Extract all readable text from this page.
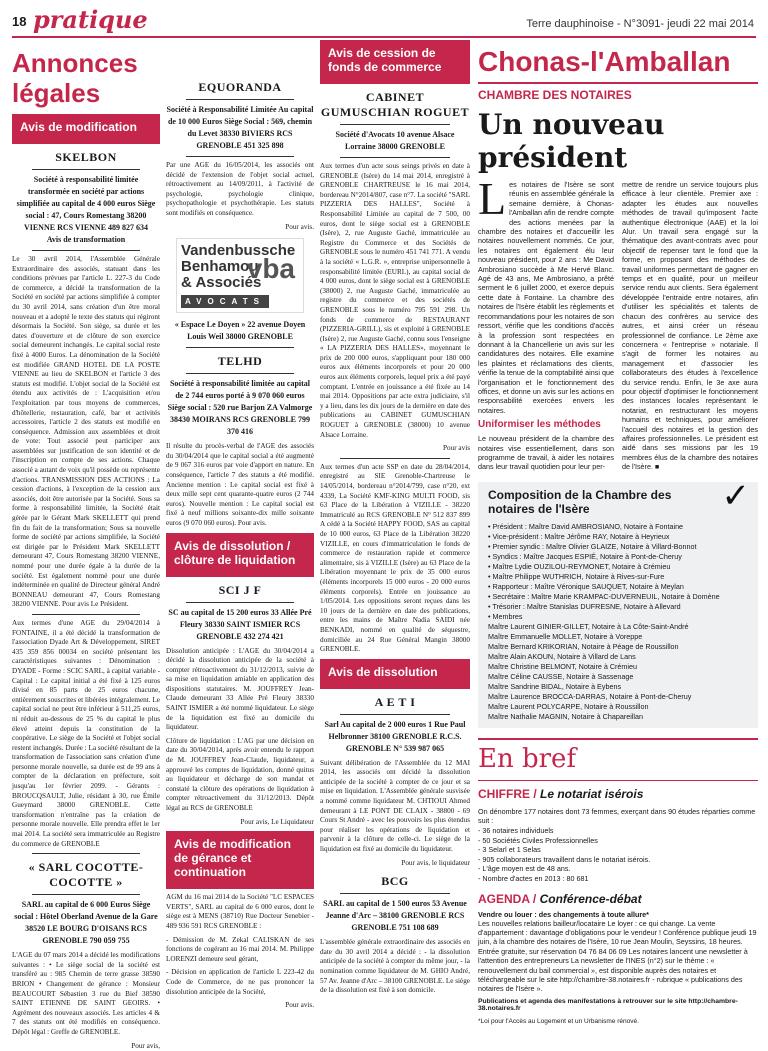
18 pratique	Terre dauphinoise - N°3091- jeudi 22 mai 2014
Annonces légales
Avis de modification
SKELBON
Société à responsabilité limitée transformée en société par actions simplifiée au capital de 4 000 euros Siège social : 47, Cours Romestang 38200 VIENNE RCS VIENNE 489 827 634
Avis de transformation
Le 30 avril 2014, l'Assemblée Générale Extraordinaire des associés, statuant dans les conditions prévues par l'article L. 227-3 du Code de commerce, a décidé la transformation de la Société en société par actions simplifiée à compter du 30 avril 2014, sans création d'un être moral nouveau et a adopté le texte des statuts qui régiront désormais la Société. Son siège, sa durée et les dates d'ouverture et de clôture de son exercice social demeurent inchangés. Le capital social reste fixé à 4000 Euros. La dénomination de la Société est modifiée GRAND HOTEL DE LA POSTE VIENNE au lieu de SKELBON et l'article 3 des statuts est modifié. L'objet social de la Société est étendu aux activités de : L'acquisition et/ou l'exploitation par tous moyens de commerces, d'hôtellerie, restauration, café, bar et activités accessoires, l'article 2 des statuts est modifié en conséquence. Admission aux assemblées et droit de vote: Tout associé peut participer aux assemblées sur justification de son identité et de l'inscription en compte de ses actions. Chaque associé a autant de voix qu'il possède ou représente d'actions. TRANSMISSION DES ACTIONS : La cession d'actions, à l'exception de la cession aux associés, doit être autorisée par la Société. Sous sa forme à responsabilité limitée, la Société était gérée par le Gérant Mark SKELLETT qui prend fin du fait de la transformation; Sous sa nouvelle forme de société par actions simplifiée, la Société est dirigée par le Président Mark SKELLETT demeurant 47, Cours Romestang 38200 VIENNE, nommé pour une durée égale à la durée de la société. Est également nommé pour une durée indéterminée en qualité de Directeur général André BONNEAU demeurant 47, Cours Romestang 38200 VIENNE. Pour avis Le Président.
Aux termes d'une AGE du 29/04/2014 à FONTAINE, il a été décidé la transformation de l'association Dyade Art & Développement, SIRET 435 359 856 00034 en société présentant les caractéristiques suivantes : Dénomination : DYADE - Forme : SCIC SARL, à capital variable - Capital : Le capital initial a été fixé à 125 euros divisé en 85 parts de 25 euros chacune, entièrement souscrites et libérées intégralement. Le capital social ne peut être inférieur à 511,25 euros, ni réduit au-dessous de 25 % du capital le plus élevé atteint depuis la constitution de la coopérative. Le siège de la Société et l'objet social restent inchangés. Durée : La société résultant de la transformation de l'association sans création d'une personne morale nouvelle, sa durée est de 99 ans à compter de la déclaration en préfecture, soit jusqu'au 1er février 2099. - Gérants : BROUCQSAULT, Julie, résidant à 30, rue Émile Gueymard 38000 GRENOBLE. Cette transformation n'entraîne pas la création de personne morale nouvelle. Elle prendra effet le 1er mai 2014. La société sera immatriculée au Registre du commerce de GRENOBLE
« SARL COCOTTE-COCOTTE »
SARL au capital de 6 000 Euros Siège social : Hôtel Oberland Avenue de la Gare 38520 LE BOURG D'OISANS RCS GRENOBLE 790 059 755
L'AGE du 07 mars 2014 a décidé les modifications suivantes : • Le siège social de la société est transféré au : 985 Chemin de terre grasse 38590 BRION • Changement de gérance : Monsieur BEAUCOURT Sébastien 3 rue du Bief 38590 SAINT ETIENNE DE SAINT GEOIRS. • Agrément des nouveaux associés. Les articles 4 & 7 des statuts ont été modifiés en conséquence. Dépôt légal : Greffe de GRENOBLE.
Pour avis,
EQUORANDA
Société à Responsabilité Limitée Au capital de 10 000 Euros Siège Social : 569, chemin du Levet 38330 BIVIERS RCS GRENOBLE 451 325 898
Par une AGE du 16/05/2014, les associés ont décidé de l'extension de l'objet social actuel, rétroactivement au 14/09/2011, à l'activité de psychologie, psychologie clinique, psychopathologie et psychothérapie. Les statuts sont modifiés en conséquence.
Pour avis.
Vandenbussche
Benhamou
& Associés
vba
AVOCATS
« Espace Le Doyen » 22 avenue Doyen Louis Weil 38000 GRENOBLE
TELHD
Société à responsabilité limitée au capital de 2 744 euros porté à 9 070 060 euros Siège social : 520 rue Barjon ZA Valmorge 38430 MOIRANS RCS GRENOBLE 799 370 416
Il résulte du procès-verbal de l'AGE des associés du 30/04/2014 que le capital social a été augmenté de 9 067 316 euros par voie d'apport en nature. En conséquence, l'article 7 des statuts a été modifié. Ancienne mention : Le capital social est fixé à deux mille sept cent quarante-quatre euros (2 744 euros). Nouvelle mention : Le capital social est fixé à neuf millions soixante-dix mille soixante euros (9 070 060 euros). Pour avis.
Avis de dissolution / clôture de liquidation
SCI J F
SC au capital de 15 200 euros 33 Allée Pré Fleury 38330 SAINT ISMIER RCS GRENOBLE 432 274 421
Dissolution anticipée : L'AGE du 30/04/2014 a décidé la dissolution anticipée de la société à compter rétroactivement du 31/12/2013, suivie de sa mise en liquidation amiable en application des dispositions statutaires. M. JOUFFREY Jean-Claude demeurant 33 Allée Pré Fleury 38330 SAINT ISMIER a été nommé liquidateur. Le siège de la liquidation est fixé au domicile du liquidateur.
Clôture de liquidation : L'AG par une décision en date du 30/04/2014, après avoir entendu le rapport de M. JOUFFREY Jean-Claude, liquidateur, a approuvé les comptes de liquidation, donné quitus au liquidateur et décharge de son mandat et constaté la clôture des opérations de liquidation à compter rétroactivement du 31/12/2013. Dépôt légal au RCS de GRENOBLE
Pour avis, Le Liquidateur
Avis de modification de gérance et continuation
AGM du 16 mai 2014 de la Société "LC ESPACES VERTS", SARL au capital de 6 000 euros, dont le siège est à MENS (38710) Rue Docteur Senebier - 489 936 591 RCS GRENOBLE :
- Démission de M. Zekal CALISKAN de ses fonctions de cogérant au 16 mai 2014. M. Philippe LORENZI demeure seul gérant,
- Décision en application de l'article L 223-42 du Code de Commerce, de ne pas prononcer la dissolution anticipée de la Société,
Pour avis.
Avis de cession de fonds de commerce
CABINET GUMUSCHIAN ROGUET
Société d'Avocats 10 avenue Alsace Lorraine 38000 GRENOBLE
Aux termes d'un acte sous seings privés en date à GRENOBLE (Isère) du 14 mai 2014, enregistré à GRENOBLE CHARTREUSE le 16 mai 2014, bordereau N°2014/807, case n°7. La société "SARL PIZZERIA DES HALLES", Société à Responsabilité Limitée au capital de 7 500, 00 euros, dont le siège social est à GRENOBLE (Isère), 2, rue Auguste Gaché, immatriculée au Registre du Commerce et des Sociétés de GRENOBLE sous le numéro 451 741 771. A vendu à la société « L.G.R. », entreprise unipersonnelle à responsabilité limitée (EURL), au capital social de 4 000 euros, dont le siège social est à GRENOBLE (38000) 2, rue Auguste Gaché, immatriculée au registre du commerce et des sociétés de GRENOBLE sous le numéro 795 591 298. Un fonds de commerce de RESTAURANT (PIZZERIA-GRILL), sis et exploité à GRENOBLE (Isère) 2, rue Auguste Gaché, connu sous l'enseigne « LA PIZZERIA DES HALLES», moyennant le prix de 200 000 euros, s'appliquant pour 180 000 euros aux éléments incorporels et pour 20 000 euros aux éléments corporels, lequel prix a été payé comptant. L'entrée en jouissance a été fixée au 14 mai 2014. Oppositions par acte extra judiciaire, s'il y a lieu, dans les dix jours de la dernière en date des publications au CABINET GUMUSCHIAN ROGUET à GRENOBLE (38000) 10 avenue Alsace Lorraine.
Pour avis
Aux termes d'un acte SSP en date du 28/04/2014, enregistré au SIE Grenoble-Chartreuse le 14/05/2014, bordereau n°2014/799, case n°20, ext 4339, La Société KMF-KING MULTI FOOD, sis 63 Place de la Libération à VIZILLE - 38220 Immatriculé au RCS GRENOBLE N° 512 837 899 A cédé à la Société HAPPY FOOD, SAS au capital de 10 000 euros, 63 Place de la Libération 38220 VIZILLE, en cours d'immatriculation le fonds de commerce de restauration rapide et commerce alimentaire, sis à VIZILLE (Isère) au 63 Place de la Libération moyennant le prix de 35 000 euros (éléments incorporels 15 000 euros - 20 000 euros éléments corporels). Entrée en jouissance au 1/05/2014. Les oppositions seront reçues dans les 10 jours de la dernière en date des publications, entre les mains de Maître Nadia SAIDI née BENKADI, nommé en qualité de séquestre, domiciliée au 24 Rue Général Mangin 38000 GRENOBLE.
Avis de dissolution
A E T I
Sarl Au capital de 2 000 euros 1 Rue Paul Helbronner 38100 GRENOBLE R.C.S. GRENOBLE N° 539 987 065
Suivant délibération de l'Assemblée du 12 MAI 2014, les associés ont décidé la dissolution anticipée de la société à compter de ce jour et sa mise en liquidation. L'Assemblée générale susvisée a nommé comme liquidateur M. CHTIOUI Ahmed demeurant à LE PONT DE CLAIX - 38800 - 69 Cours St André - avec les pouvoirs les plus étendus pour réaliser les opérations de liquidation et parvenir à la clôture de celle-ci. Le siège de la liquidation est fixé au domicile du liquidateur.
Pour avis, le liquidateur
BCG
SARL au capital de 1 500 euros 53 Avenue Jeanne d'Arc – 38100 GRENOBLE RCS GRENOBLE 751 108 689
L'assemblée générale extraordinaire des associés en date du 30 avril 2014 a décidé : - la dissolution anticipée de la société à compter du même jour, - la nomination comme liquidateur de M. GHIO André, 57 Av. Jeanne d'Arc – 38100 GRENOBLE. Le siège de la dissolution est fixé à son domicile.
Chonas-l'Amballan
CHAMBRE DES NOTAIRES
Un nouveau président
Les notaires de l'Isère se sont réunis en assemblée générale la semaine dernière, à Chonas-l'Amballan afin de rendre compte des actions menées par la chambre des notaires et d'accueillir les notaires nouvellement nommés. Ce jour, les notaires ont également élu leur nouveau président, pour 2 ans : Me David Ambrosiano succède à Me Hervé Blanc. Agé de 43 ans, Me Ambrosiano, a prêté serment le 6 juillet 2000, et exerce depuis cette date à Fontaine. La chambre des notaires de l'Isère établit les règlements et recommandations pour les notaires de son ressort, vérifie que les conditions d'accès à la profession sont respectées en donnant à la Chancellerie un avis sur les candidatures des notaires. Elle examine les plaintes et réclamations des clients, vérifie la tenue de la comptabilité ainsi que l'organisation et le fonctionnement des offices, et donne un avis sur les actions en responsabilité exercées envers les notaires.
Uniformiser les méthodes
Le nouveau président de la chambre des notaires vise essentiellement, dans son programme de travail, à aider les notaires dans leur travail quotidien pour leur per-
mettre de rendre un service toujours plus efficace à leur clientèle. Premier axe : adapter les études aux nouvelles méthodes de travail qu'imposent l'acte authentique électronique (AAE) et la loi Alur. Un travail sera engagé sur la thématique des avant-contrats avec pour objectif de repenser tant le fond que la forme, en proposant des méthodes de travail uniformes permettant de gagner en temps et en qualité, pour un meilleur service rendu aux clients. Sera également développée l'entraide entre notaires, afin d'utiliser les spécialités et talents de chacun des confrères au service des autres, et ainsi créer un réseau professionnel de confiance. Le 2ème axe concernera « l'entreprise » notariale. Il s'agit de former les notaires au management et d'associer les collaborateurs des études à l'excellence du service rendu. Enfin, le 3e axe aura pour objectif d'optimiser le fonctionnement des instances locales représentant le notariat, en restructurant les moyens humains et techniques, pour améliorer l'accueil des notaires et la gestion des affaires professionnelles. Le président est aidé dans ses missions par les 19 membres élus de la chambre des notaires de l'Isère. ■
Composition de la Chambre des notaires de l'Isère	✓
• Président : Maître David AMBROSIANO, Notaire à Fontaine
• Vice-président : Maître Jérôme RAY, Notaire à Heyrieux
• Premier syndic : Maître Olivier GLAIZE, Notaire à Villard-Bonnot
• Syndics : Maître Jacques ESPIÉ, Notaire à Pont-de-Cheruy
• Maître Lydie OUZILOU-REYMONET, Notaire à Crémieu
• Maître Philippe WUTHRICH, Notaire à Rives-sur-Fure
• Rapporteur : Maître Véronique SAUQUET, Notaire à Meylan
• Secrétaire : Maître Marie KRAMPAC-DUVERNEUIL, Notaire à Domène
• Trésorier : Maître Stanislas DUFRESNE, Notaire à Allevard
• Membres
Maître Laurent GINIER-GILLET, Notaire à La Côte-Saint-André
Maître Emmanuelle MOLLET, Notaire à Voreppe
Maître Bernard KRIKORIAN, Notaire à Péage de Roussillon
Maître Alain AKOUN, Notaire à Villard de Lans
Maître Christine BELMONT, Notaire à Crémieu
Maître Céline CAUSSE, Notaire à Sassenage
Maître Sandrine BIDAL, Notaire à Eybens
Maître Laurence BROCCA-DARRAS, Notaire à Pont-de-Cheruy
Maître Laurent POLYCARPE, Notaire à Roussillon
Maître Nathalie MAGNIN, Notaire à Chapareillan
En bref
CHIFFRE / Le notariat isérois
On dénombre 177 notaires dont 73 femmes, exerçant dans 90 études réparties comme suit :
- 36 notaires individuels
- 50 Sociétés Civiles Professionnelles
- 3 Selarl et 1 Selas
- 905 collaborateurs travaillent dans le notariat isérois.
- L'âge moyen est de 48 ans.
- Nombre d'actes en 2013 : 80 681
AGENDA / Conférence-débat
Vendre ou louer : des changements à toute allure*
Les nouvelles relations bailleur/locataire Le loyer : ce qui change. La vente d'appartement : davantage d'obligations pour le vendeur ! Conférence publique jeudi 19 juin, à la chambre des notaires de l'Isère, 10 rue Jean Moulin, Seyssins, 18 heures. Entrée gratuite, sur réservation 04 76 84 06 09 Les notaires lancent une newsletter à l'attention des entrepreneurs La newsletter de l'INES (n°2) sur le thème : « renouvellement du bail commercial », est disponible auprès des notaires et téléchargeable sur le site http://chambre-38.notaires.fr - rubrique « publications des notaires de l'Isère ».
Publications et agenda des manifestations à retrouver sur le site http://chambre-38.notaires.fr
*Loi pour l'Accès au Logement et un Urbanisme rénové.
